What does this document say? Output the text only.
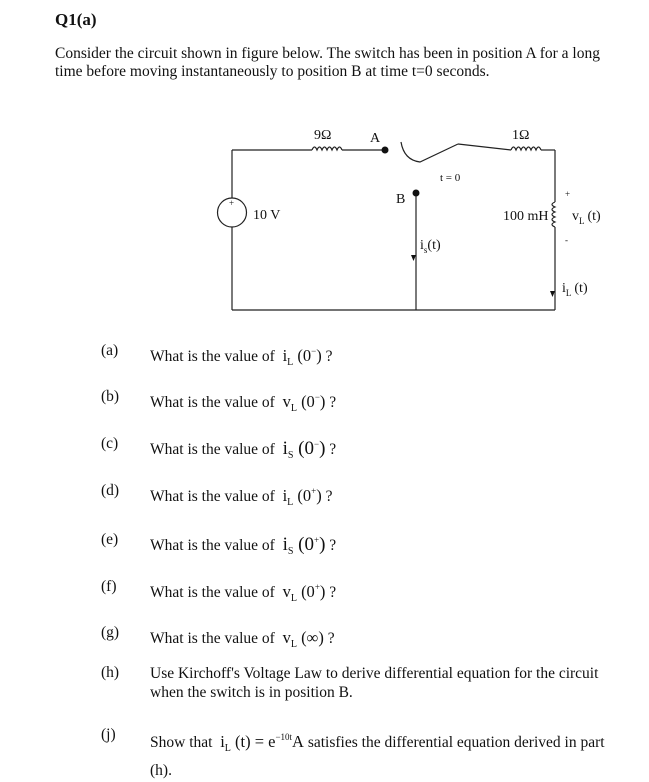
Q1(a)
Consider the circuit shown in figure below. The switch has been in position A for a long time before moving instantaneously to position B at time t=0 seconds.
9Ω	A	1Ω
t = 0
B
+
10 V	100 mH
+
-
$v_L$ (t)
$i_s(t)$
$i_L$ (t)
(a) What is the value of $i_L$ (0−) ?
(b) What is the value of $v_L$ (0−) ?
(c) What is the value of $i_S$ (0−) ?
(d) What is the value of $i_L$ (0+) ?
(e) What is the value of $i_S$ (0+) ?
(f) What is the value of $v_L$ (0+) ?
(g) What is the value of $v_L$ (∞) ?
(h) Use Kirchoff's Voltage Law to derive differential equation for the circuit when the switch is in position B.
(j) Show that $i_L$ $(t) = e^{-10t}A$ satisfies the differential equation derived in part (h).
